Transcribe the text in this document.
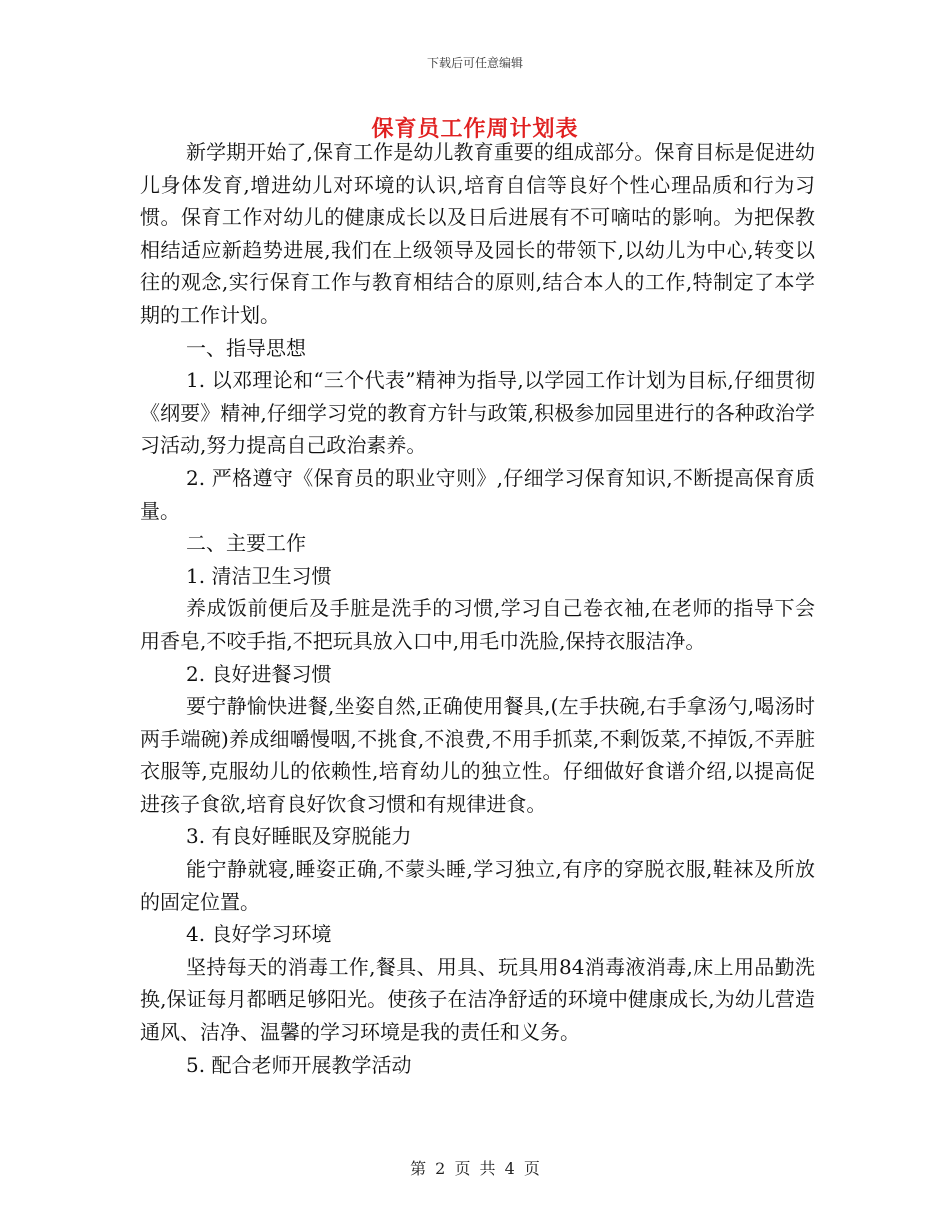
下载后可任意编辑
保育员工作周计划表

新学期开始了,保育工作是幼儿教育重要的组成部分。保育目标是促进幼儿身体发育,增进幼儿对环境的认识,培育自信等良好个性心理品质和行为习惯。保育工作对幼儿的健康成长以及日后进展有不可嘀咕的影响。为把保教相结适应新趋势进展,我们在上级领导及园长的带领下,以幼儿为中心,转变以往的观念,实行保育工作与教育相结合的原则,结合本人的工作,特制定了本学期的工作计划。

一、指导思想

1. 以邓理论和“三个代表”精神为指导,以学园工作计划为目标,仔细贯彻《纲要》精神,仔细学习党的教育方针与政策,积极参加园里进行的各种政治学习活动,努力提高自己政治素养。

2. 严格遵守《保育员的职业守则》,仔细学习保育知识,不断提高保育质量。

二、主要工作

1. 清洁卫生习惯

养成饭前便后及手脏是洗手的习惯,学习自己卷衣袖,在老师的指导下会用香皂,不咬手指,不把玩具放入口中,用毛巾洗脸,保持衣服洁净。

2. 良好进餐习惯

要宁静愉快进餐,坐姿自然,正确使用餐具,(左手扶碗,右手拿汤勺,喝汤时两手端碗)养成细嚼慢咽,不挑食,不浪费,不用手抓菜,不剩饭菜,不掉饭,不弄脏衣服等,克服幼儿的依赖性,培育幼儿的独立性。仔细做好食谱介绍,以提高促进孩子食欲,培育良好饮食习惯和有规律进食。

3. 有良好睡眠及穿脱能力

能宁静就寝,睡姿正确,不蒙头睡,学习独立,有序的穿脱衣服,鞋袜及所放的固定位置。

4. 良好学习环境

坚持每天的消毒工作,餐具、用具、玩具用84消毒液消毒,床上用品勤洗换,保证每月都晒足够阳光。使孩子在洁净舒适的环境中健康成长,为幼儿营造通风、洁净、温馨的学习环境是我的责任和义务。

5. 配合老师开展教学活动

第 2 页 共 4 页
